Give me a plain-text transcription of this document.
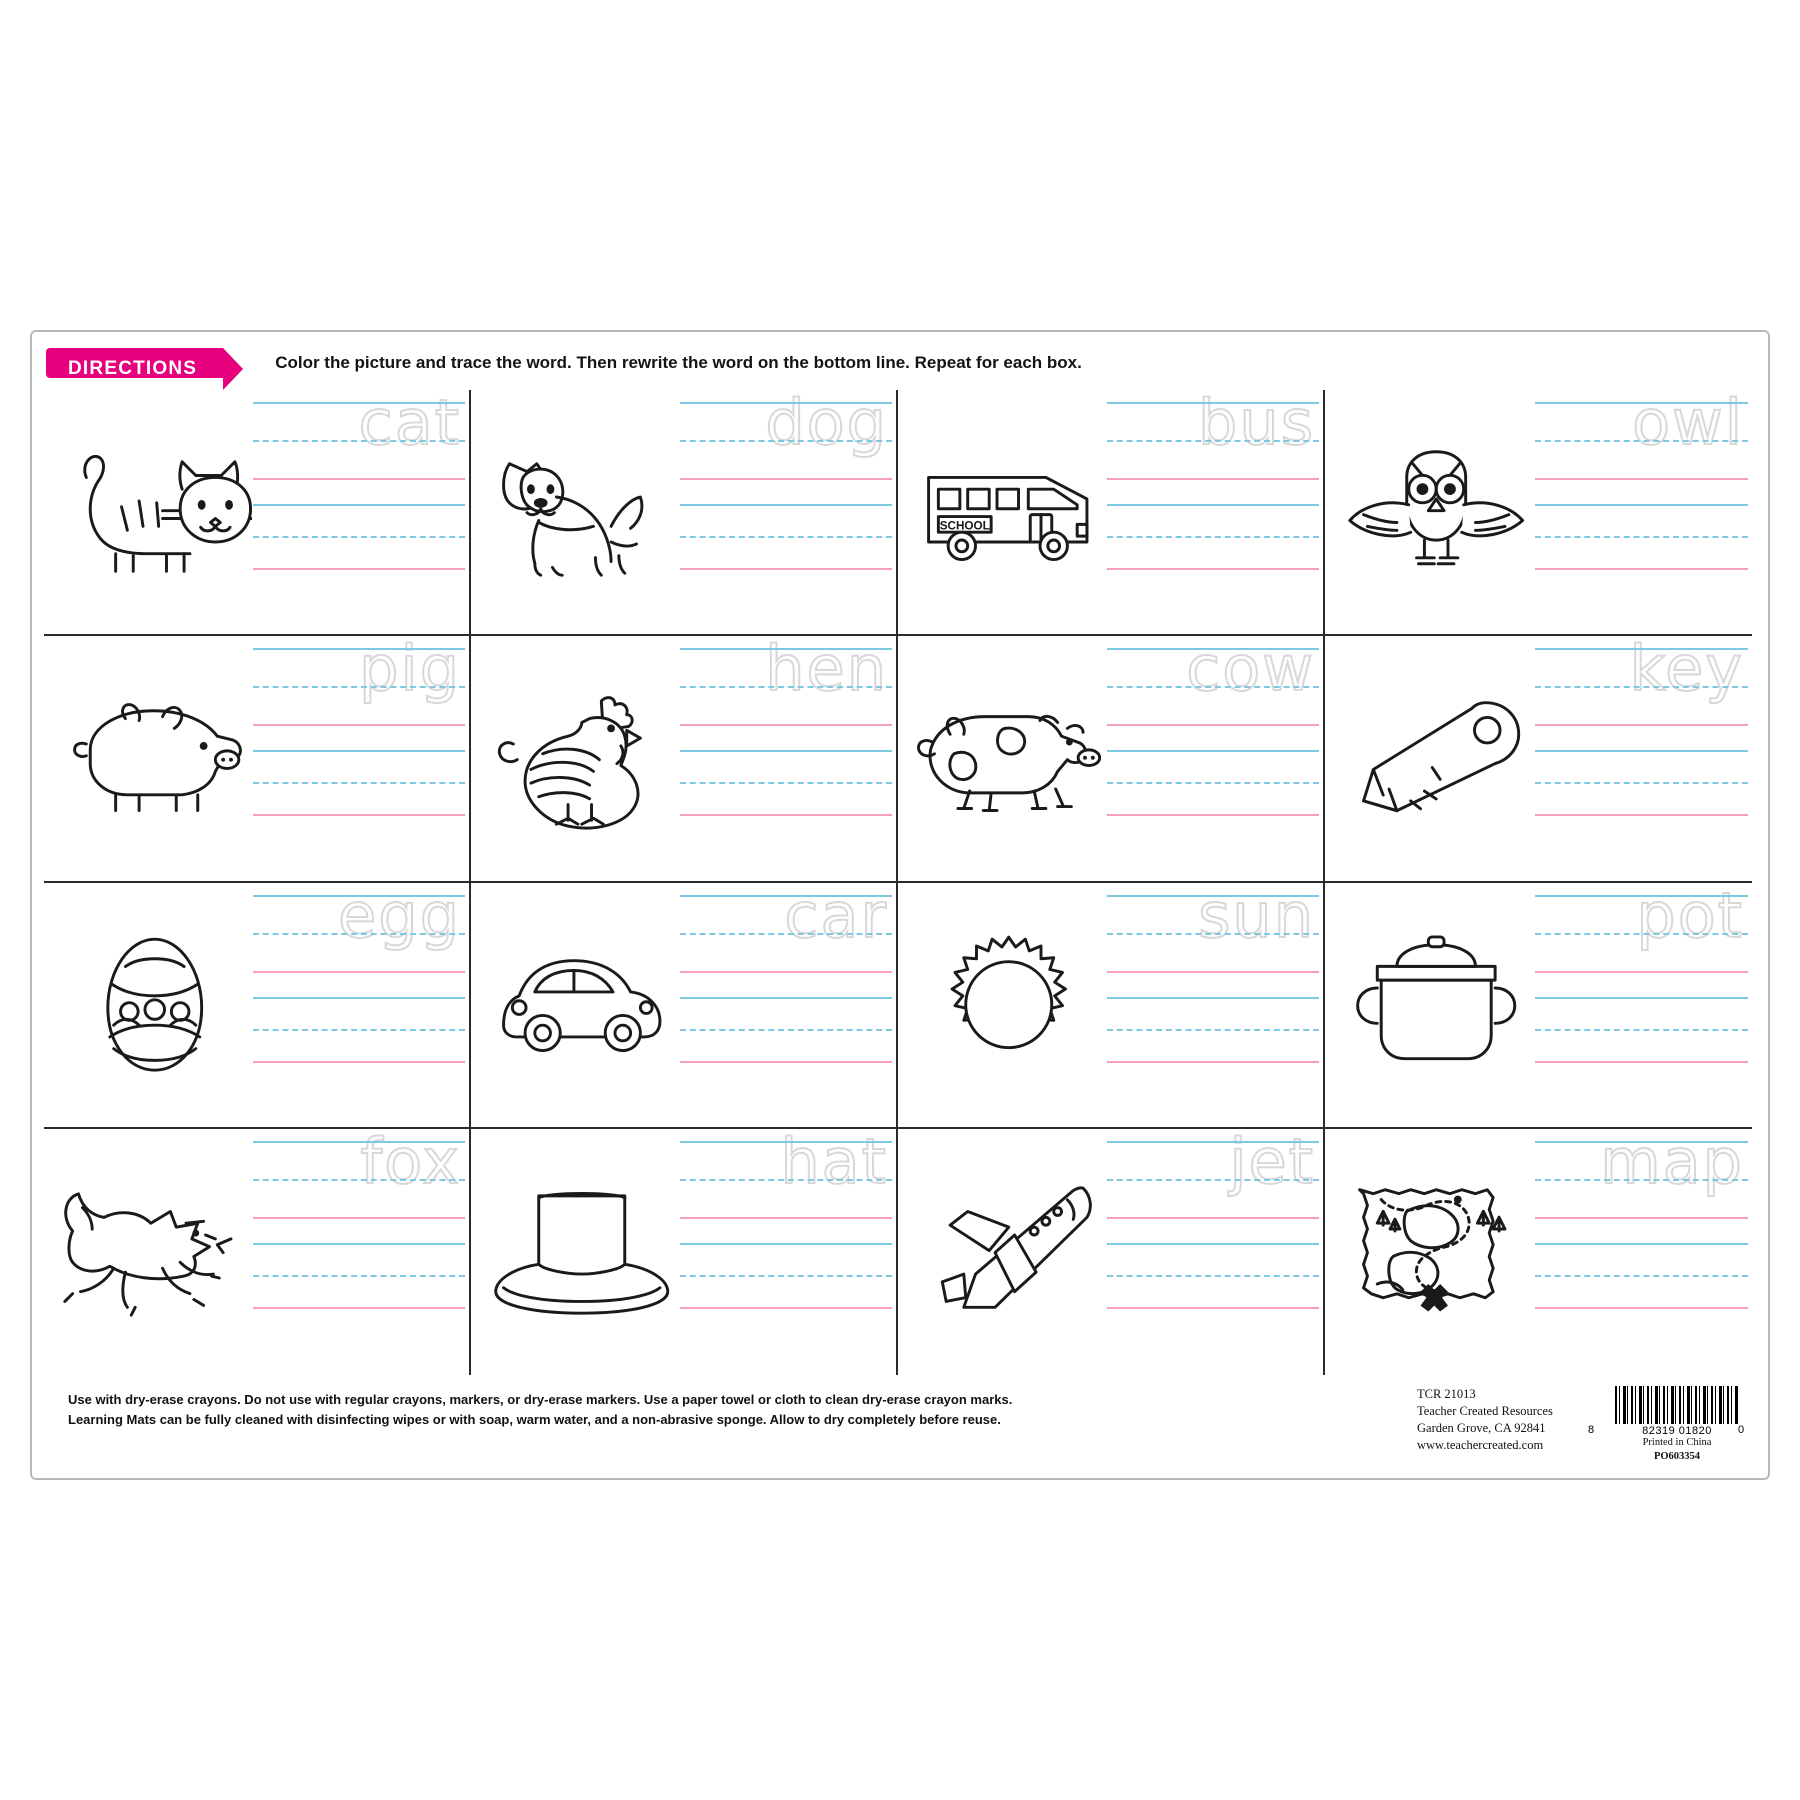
DIRECTIONS	Color the picture and trace the word. Then rewrite the word on the bottom line. Repeat for each box.
cat	dog
SCHOOL
bus	owl
pig	hen	cow	key
egg	car	sun	pot
fox	hat	jet	map
Use with dry-erase crayons. Do not use with regular crayons, markers, or dry-erase markers. Use a paper towel or cloth to clean dry-erase crayon marks.
Learning Mats can be fully cleaned with disinfecting wipes or with soap, warm water, and a non-abrasive sponge. Allow to dry completely before reuse.
TCR 21013
Teacher Created Resources
Garden Grove, CA 92841
www.teachercreated.com
82319 01820
8	0
Printed in China
PO603354
